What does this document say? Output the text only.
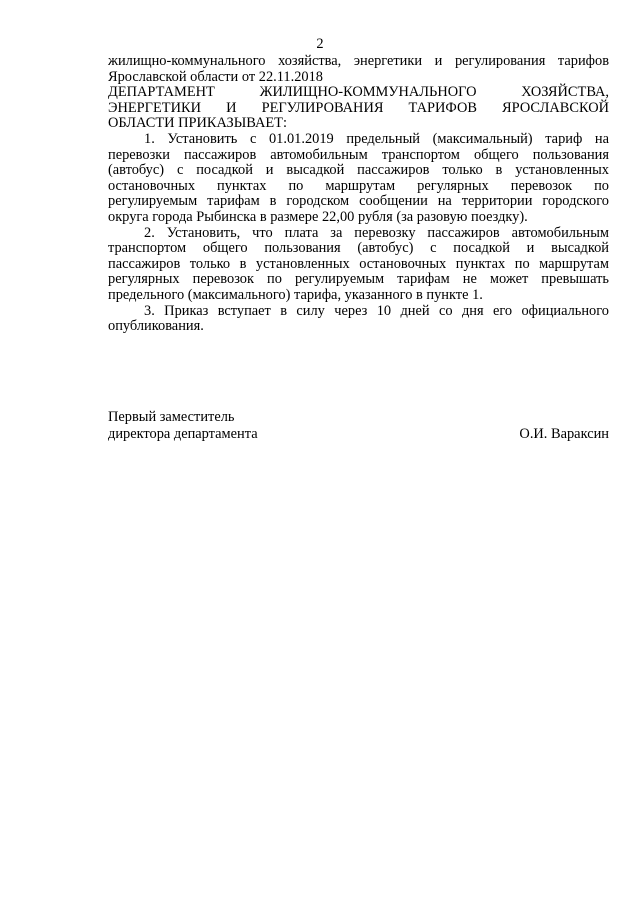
2
жилищно-коммунального хозяйства, энергетики и регулирования тарифов
Ярославской области от 22.11.2018
ДЕПАРТАМЕНТ ЖИЛИЩНО-КОММУНАЛЬНОГО ХОЗЯЙСТВА,
ЭНЕРГЕТИКИ И РЕГУЛИРОВАНИЯ ТАРИФОВ ЯРОСЛАВСКОЙ
ОБЛАСТИ ПРИКАЗЫВАЕТ:
1. Установить с 01.01.2019 предельный (максимальный) тариф на
перевозки пассажиров автомобильным транспортом общего пользования
(автобус) с посадкой и высадкой пассажиров только в установленных
остановочных пунктах по маршрутам регулярных перевозок по
регулируемым тарифам в городском сообщении на территории городского
округа города Рыбинска в размере 22,00 рубля (за разовую поездку).
2. Установить, что плата за перевозку пассажиров автомобильным
транспортом общего пользования (автобус) с посадкой и высадкой
пассажиров только в установленных остановочных пунктах по маршрутам
регулярных перевозок по регулируемым тарифам не может превышать
предельного (максимального) тарифа, указанного в пункте 1.
3. Приказ вступает в силу через 10 дней со дня его официального
опубликования.
Первый заместитель
директора департамента	О.И. Вараксин
